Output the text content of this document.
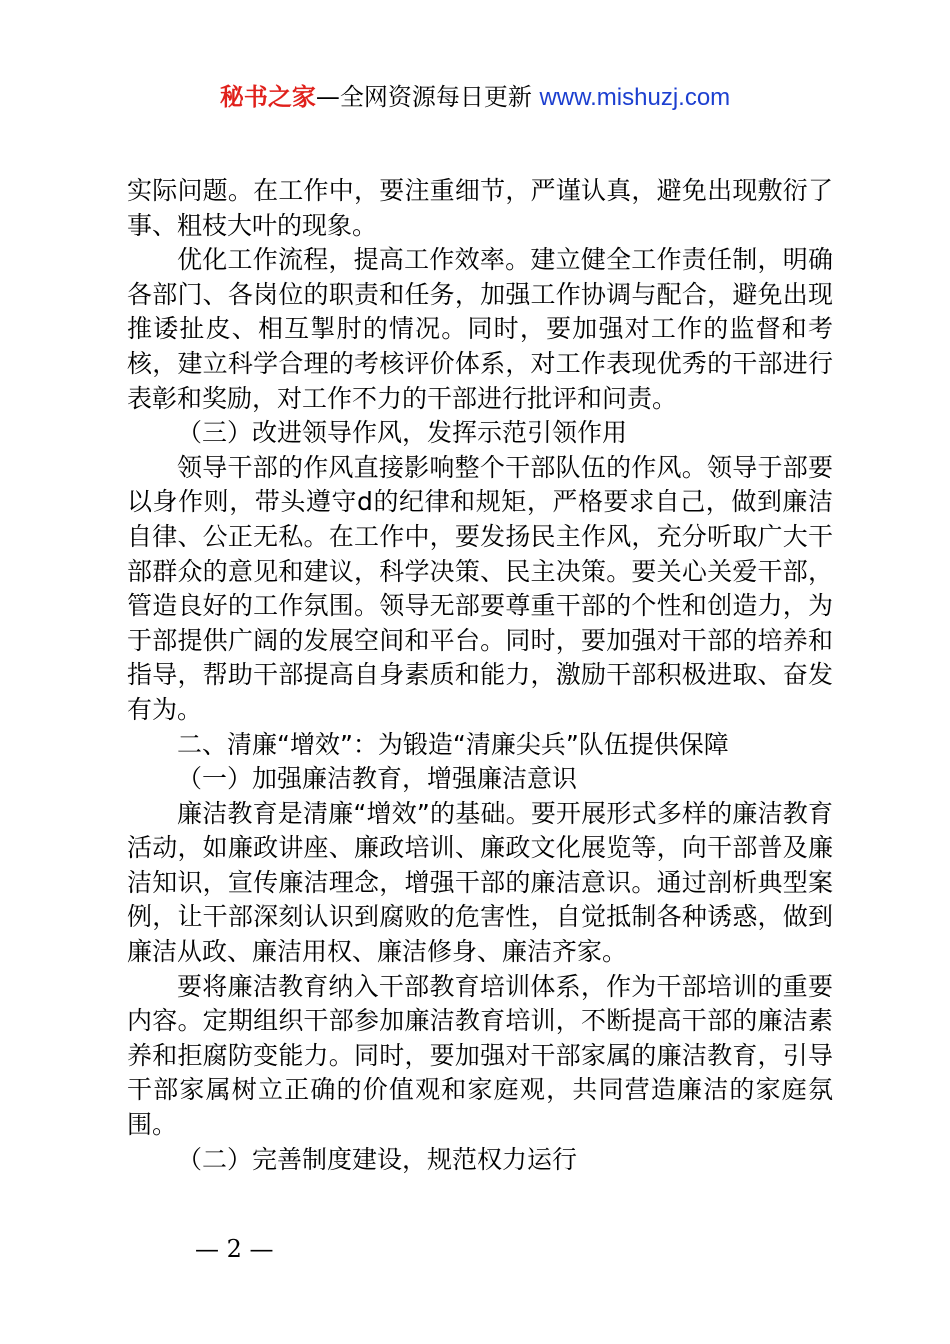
秘书之家—全网资源每日更新 www.mishuzj.com

实际问题。在工作中，要注重细节，严谨认真，避免出现敷衍了事、粗枝大叶的现象。

优化工作流程，提高工作效率。建立健全工作责任制，明确各部门、各岗位的职责和任务，加强工作协调与配合，避免出现推诿扯皮、相互掣肘的情况。同时，要加强对工作的监督和考核，建立科学合理的考核评价体系，对工作表现优秀的干部进行表彰和奖励，对工作不力的干部进行批评和问责。

（三）改进领导作风，发挥示范引领作用

领导干部的作风直接影响整个干部队伍的作风。领导于部要以身作则，带头遵守d的纪律和规矩，严格要求自己，做到廉洁自律、公正无私。在工作中，要发扬民主作风，充分听取广大干部群众的意见和建议，科学决策、民主决策。要关心关爱干部，管造良好的工作氛围。领导无部要尊重干部的个性和创造力，为于部提供广阔的发展空间和平台。同时，要加强对干部的培养和指导，帮助干部提高自身素质和能力，激励干部积极进取、奋发有为。

二、清廉“增效”：为锻造“清廉尖兵”队伍提供保障

（一）加强廉洁教育，增强廉洁意识

廉洁教育是清廉“增效”的基础。要开展形式多样的廉洁教育活动，如廉政讲座、廉政培训、廉政文化展览等，向干部普及廉洁知识，宣传廉洁理念，增强干部的廉洁意识。通过剖析典型案例，让干部深刻认识到腐败的危害性，自觉抵制各种诱惑，做到廉洁从政、廉洁用权、廉洁修身、廉洁齐家。

要将廉洁教育纳入干部教育培训体系，作为干部培训的重要内容。定期组织干部参加廉洁教育培训，不断提高干部的廉洁素养和拒腐防变能力。同时，要加强对干部家属的廉洁教育，引导干部家属树立正确的价值观和家庭观，共同营造廉洁的家庭氛围。

（二）完善制度建设，规范权力运行

— 2 —
